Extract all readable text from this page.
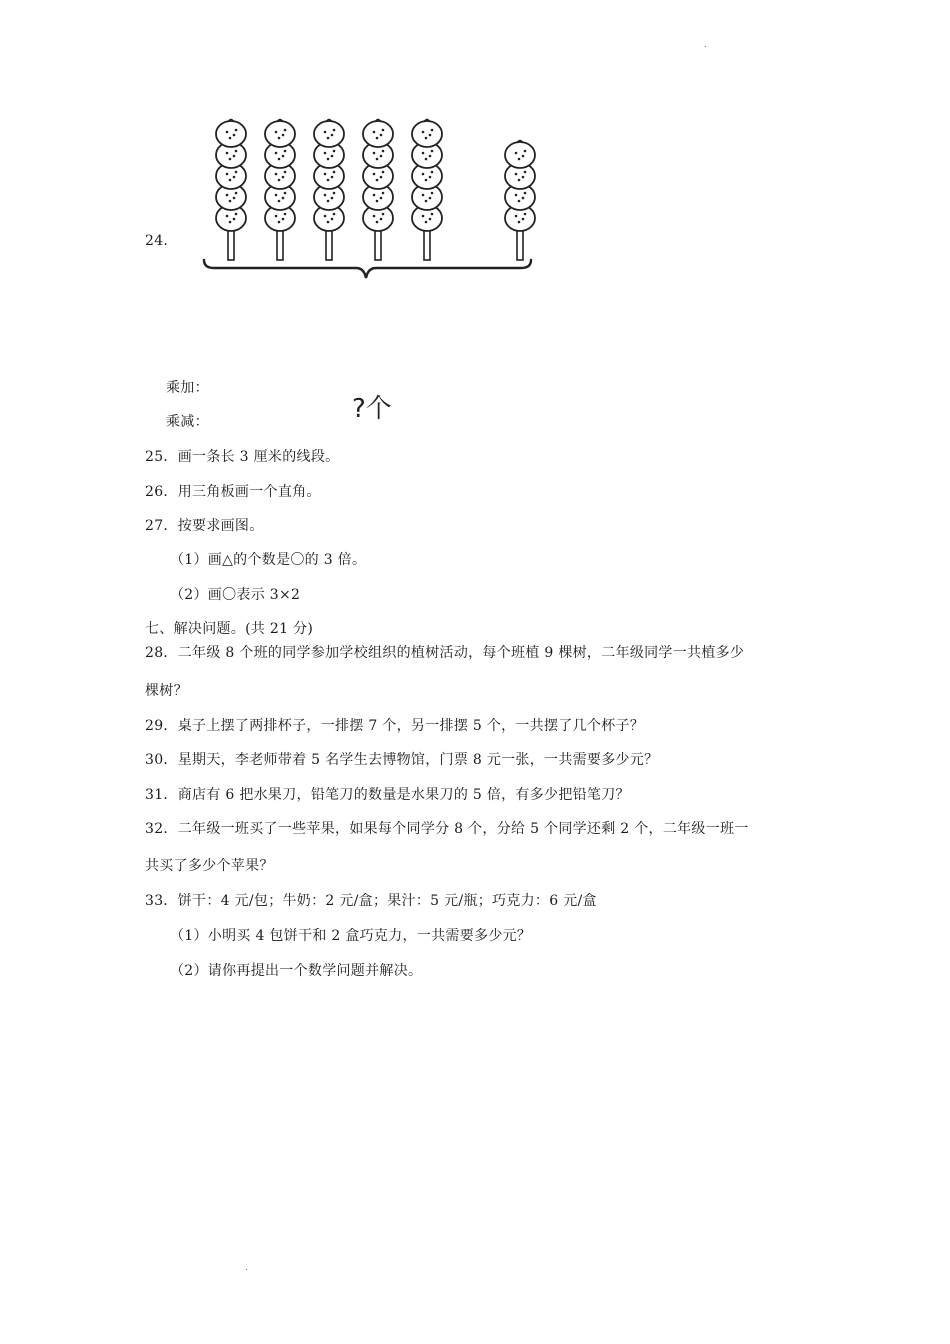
.
24.
?个
乘加：
乘减：
25．画一条长 3 厘米的线段。
26．用三角板画一个直角。
27．按要求画图。
（1）画△的个数是〇的 3 倍。
（2）画〇表示 3×2
七、解决问题。(共 21 分)
28．二年级 8 个班的同学参加学校组织的植树活动，每个班植 9 棵树，二年级同学一共植多少
棵树？
29．桌子上摆了两排杯子，一排摆 7 个，另一排摆 5 个，一共摆了几个杯子？
30．星期天，李老师带着 5 名学生去博物馆，门票 8 元一张，一共需要多少元？
31．商店有 6 把水果刀，铅笔刀的数量是水果刀的 5 倍，有多少把铅笔刀？
32．二年级一班买了一些苹果，如果每个同学分 8 个，分给 5 个同学还剩 2 个，二年级一班一
共买了多少个苹果？
33．饼干：4 元/包；牛奶：2 元/盒；果汁：5 元/瓶；巧克力：6 元/盒
（1）小明买 4 包饼干和 2 盒巧克力，一共需要多少元？
（2）请你再提出一个数学问题并解决。
.
